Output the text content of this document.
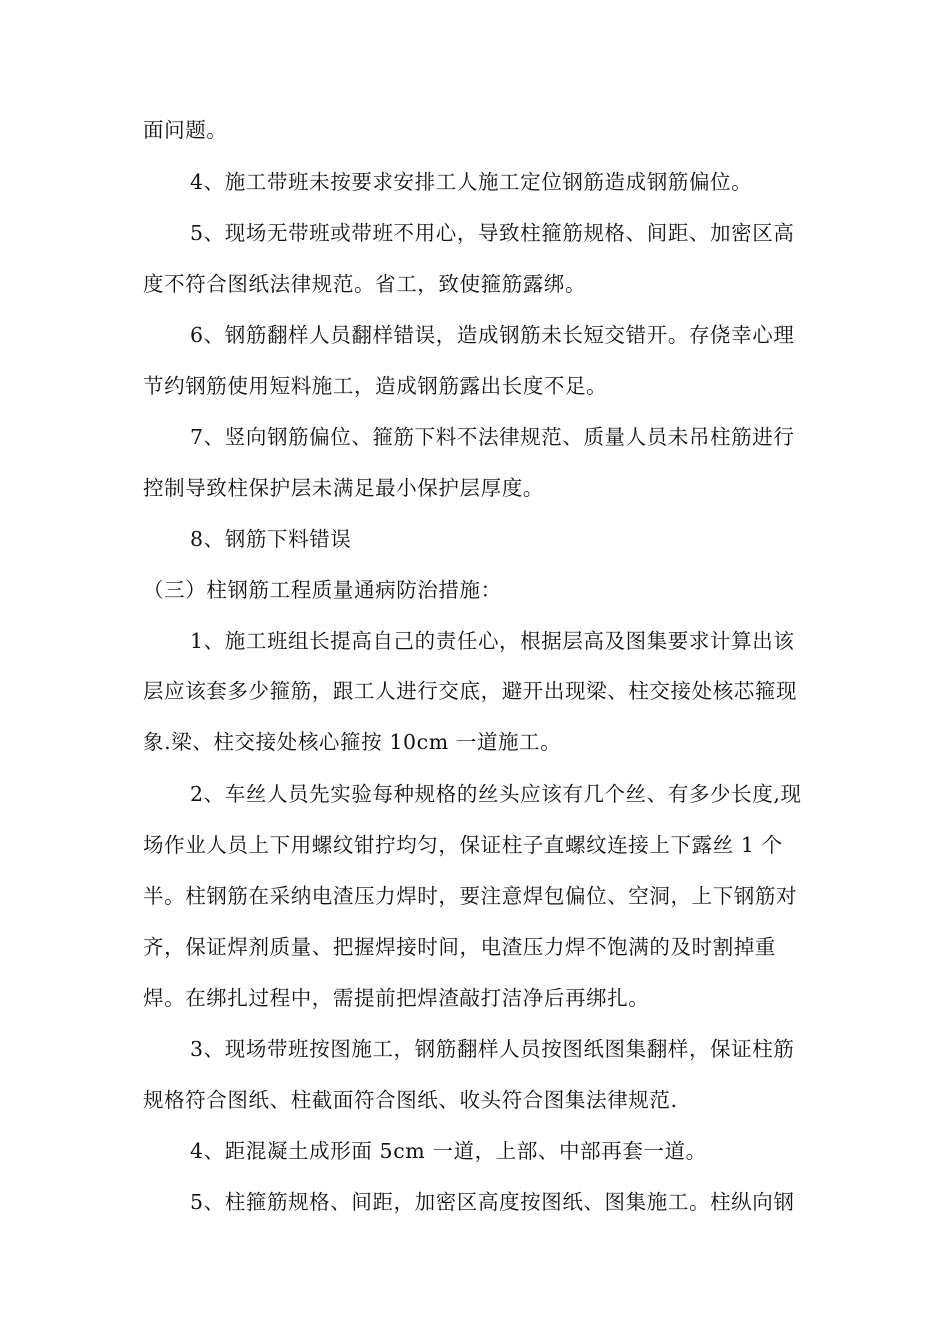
面问题。
4、施工带班未按要求安排工人施工定位钢筋造成钢筋偏位。
5、现场无带班或带班不用心，导致柱箍筋规格、间距、加密区高
度不符合图纸法律规范。省工，致使箍筋露绑。
6、钢筋翻样人员翻样错误，造成钢筋未长短交错开。存侥幸心理
节约钢筋使用短料施工，造成钢筋露出长度不足。
7、竖向钢筋偏位、箍筋下料不法律规范、质量人员未吊柱筋进行
控制导致柱保护层未满足最小保护层厚度。
8、钢筋下料错误
（三）柱钢筋工程质量通病防治措施：
1、施工班组长提高自己的责任心，根据层高及图集要求计算出该
层应该套多少箍筋，跟工人进行交底，避开出现梁、柱交接处核芯箍现
象.梁、柱交接处核心箍按 10cm 一道施工。
2、车丝人员先实验每种规格的丝头应该有几个丝、有多少长度,现
场作业人员上下用螺纹钳拧均匀，保证柱子直螺纹连接上下露丝 1 个
半。柱钢筋在采纳电渣压力焊时，要注意焊包偏位、空洞，上下钢筋对
齐，保证焊剂质量、把握焊接时间，电渣压力焊不饱满的及时割掉重
焊。在绑扎过程中，需提前把焊渣敲打洁净后再绑扎。
3、现场带班按图施工，钢筋翻样人员按图纸图集翻样，保证柱筋
规格符合图纸、柱截面符合图纸、收头符合图集法律规范.
4、距混凝土成形面 5cm 一道，上部、中部再套一道。
5、柱箍筋规格、间距，加密区高度按图纸、图集施工。柱纵向钢
